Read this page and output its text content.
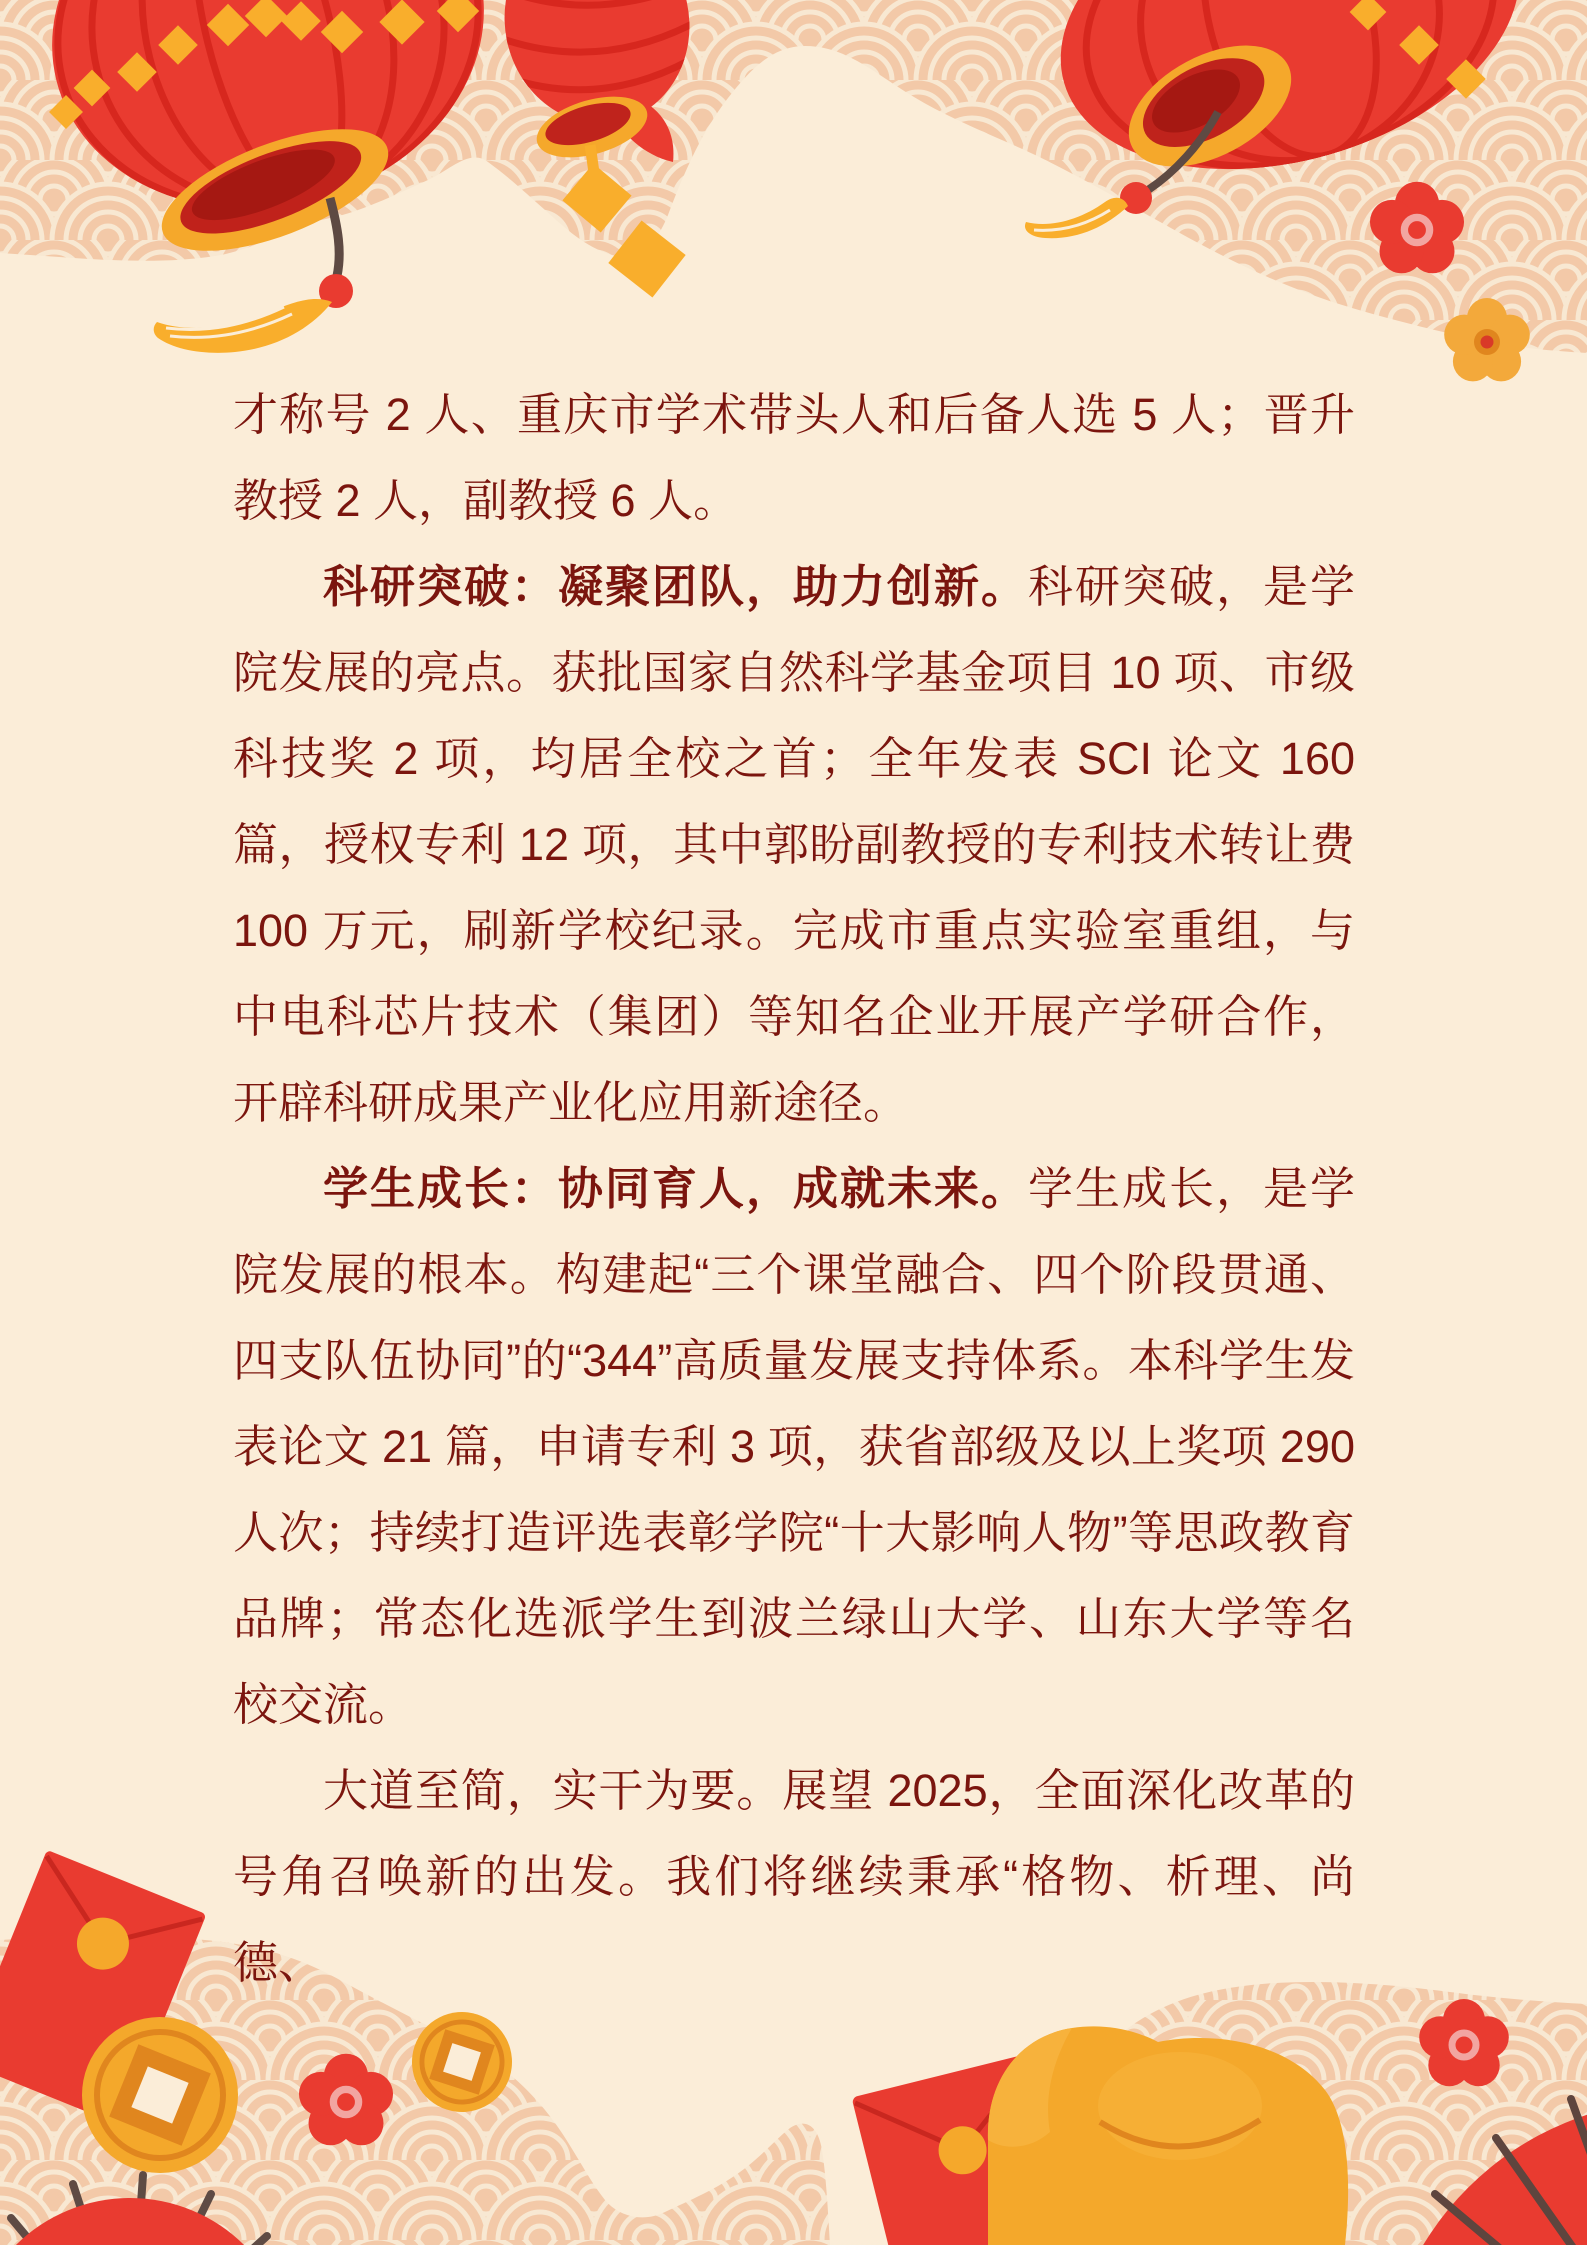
才称号 2 人、重庆市学术带头人和后备人选 5 人；晋升教授 2 人，副教授 6 人。

科研突破：凝聚团队，助力创新。科研突破，是学院发展的亮点。获批国家自然科学基金项目 10 项、市级科技奖 2 项，均居全校之首；全年发表 SCI 论文 160 篇，授权专利 12 项，其中郭盼副教授的专利技术转让费 100 万元，刷新学校纪录。完成市重点实验室重组，与中电科芯片技术（集团）等知名企业开展产学研合作，开辟科研成果产业化应用新途径。

学生成长：协同育人，成就未来。学生成长，是学院发展的根本。构建起“三个课堂融合、四个阶段贯通、四支队伍协同”的“344”高质量发展支持体系。本科学生发表论文 21 篇，申请专利 3 项，获省部级及以上奖项 290 人次；持续打造评选表彰学院“十大影响人物”等思政教育品牌；常态化选派学生到波兰绿山大学、山东大学等名校交流。

大道至简，实干为要。展望 2025，全面深化改革的号角召唤新的出发。我们将继续秉承“格物、析理、尚德、
